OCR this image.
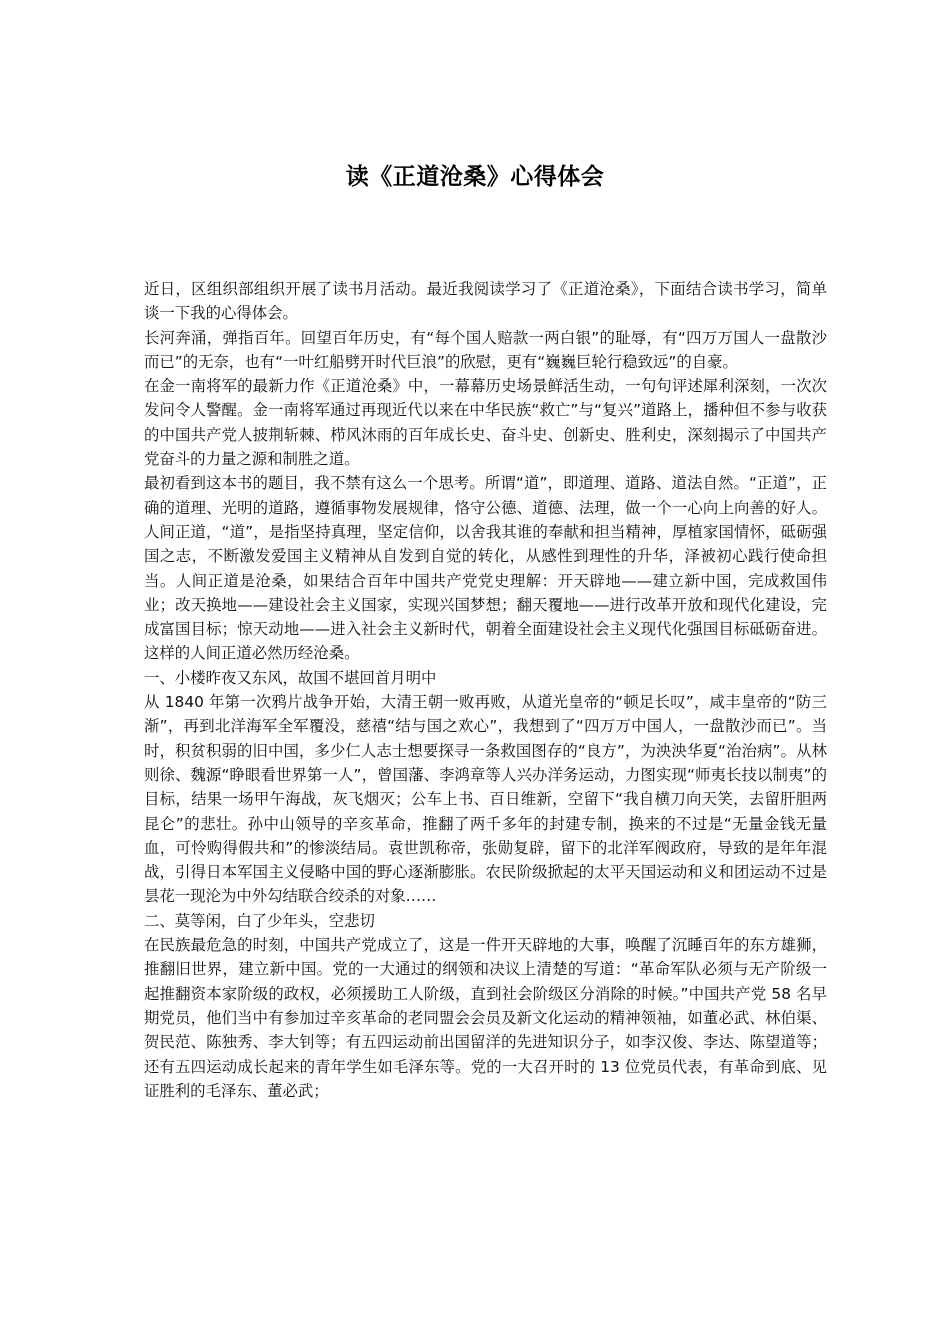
读《正道沧桑》心得体会

近日，区组织部组织开展了读书月活动。最近我阅读学习了《正道沧桑》，下面结合读书学习，简单谈一下我的心得体会。

长河奔涌，弹指百年。回望百年历史，有“每个国人赔款一两白银”的耻辱，有“四万万国人一盘散沙而已”的无奈，也有“一叶红船劈开时代巨浪”的欣慰，更有“巍巍巨轮行稳致远”的自豪。

在金一南将军的最新力作《正道沧桑》中，一幕幕历史场景鲜活生动，一句句评述犀利深刻，一次次发问令人警醒。金一南将军通过再现近代以来在中华民族“救亡”与“复兴”道路上，播种但不参与收获的中国共产党人披荆斩棘、栉风沐雨的百年成长史、奋斗史、创新史、胜利史，深刻揭示了中国共产党奋斗的力量之源和制胜之道。

最初看到这本书的题目，我不禁有这么一个思考。所谓“道”，即道理、道路、道法自然。“正道”，正确的道理、光明的道路，遵循事物发展规律，恪守公德、道德、法理，做一个一心向上向善的好人。人间正道，“道”，是指坚持真理，坚定信仰，以舍我其谁的奉献和担当精神，厚植家国情怀，砥砺强国之志，不断激发爱国主义精神从自发到自觉的转化，从感性到理性的升华，泽被初心践行使命担当。人间正道是沧桑，如果结合百年中国共产党党史理解：开天辟地——建立新中国，完成救国伟业；改天换地——建设社会主义国家，实现兴国梦想；翻天覆地——进行改革开放和现代化建设，完成富国目标；惊天动地——进入社会主义新时代，朝着全面建设社会主义现代化强国目标砥砺奋进。这样的人间正道必然历经沧桑。

一、小楼昨夜又东风，故国不堪回首月明中

从 1840 年第一次鸦片战争开始，大清王朝一败再败，从道光皇帝的“顿足长叹”，咸丰皇帝的“防三渐”，再到北洋海军全军覆没，慈禧“结与国之欢心”，我想到了“四万万中国人，一盘散沙而已”。当时，积贫积弱的旧中国，多少仁人志士想要探寻一条救国图存的“良方”，为泱泱华夏“治治病”。从林则徐、魏源“睁眼看世界第一人”，曾国藩、李鸿章等人兴办洋务运动，力图实现“师夷长技以制夷”的目标，结果一场甲午海战，灰飞烟灭；公车上书、百日维新，空留下“我自横刀向天笑，去留肝胆两昆仑”的悲壮。孙中山领导的辛亥革命，推翻了两千多年的封建专制，换来的不过是“无量金钱无量血，可怜购得假共和”的惨淡结局。袁世凯称帝，张勋复辟，留下的北洋军阀政府，导致的是年年混战，引得日本军国主义侵略中国的野心逐渐膨胀。农民阶级掀起的太平天国运动和义和团运动不过是昙花一现沦为中外勾结联合绞杀的对象……

二、莫等闲，白了少年头，空悲切

在民族最危急的时刻，中国共产党成立了，这是一件开天辟地的大事，唤醒了沉睡百年的东方雄狮，推翻旧世界，建立新中国。党的一大通过的纲领和决议上清楚的写道：“革命军队必须与无产阶级一起推翻资本家阶级的政权，必须援助工人阶级，直到社会阶级区分消除的时候。”中国共产党 58 名早期党员，他们当中有参加过辛亥革命的老同盟会会员及新文化运动的精神领袖，如董必武、林伯渠、贺民范、陈独秀、李大钊等；有五四运动前出国留洋的先进知识分子，如李汉俊、李达、陈望道等；还有五四运动成长起来的青年学生如毛泽东等。党的一大召开时的 13 位党员代表，有革命到底、见证胜利的毛泽东、董必武；
